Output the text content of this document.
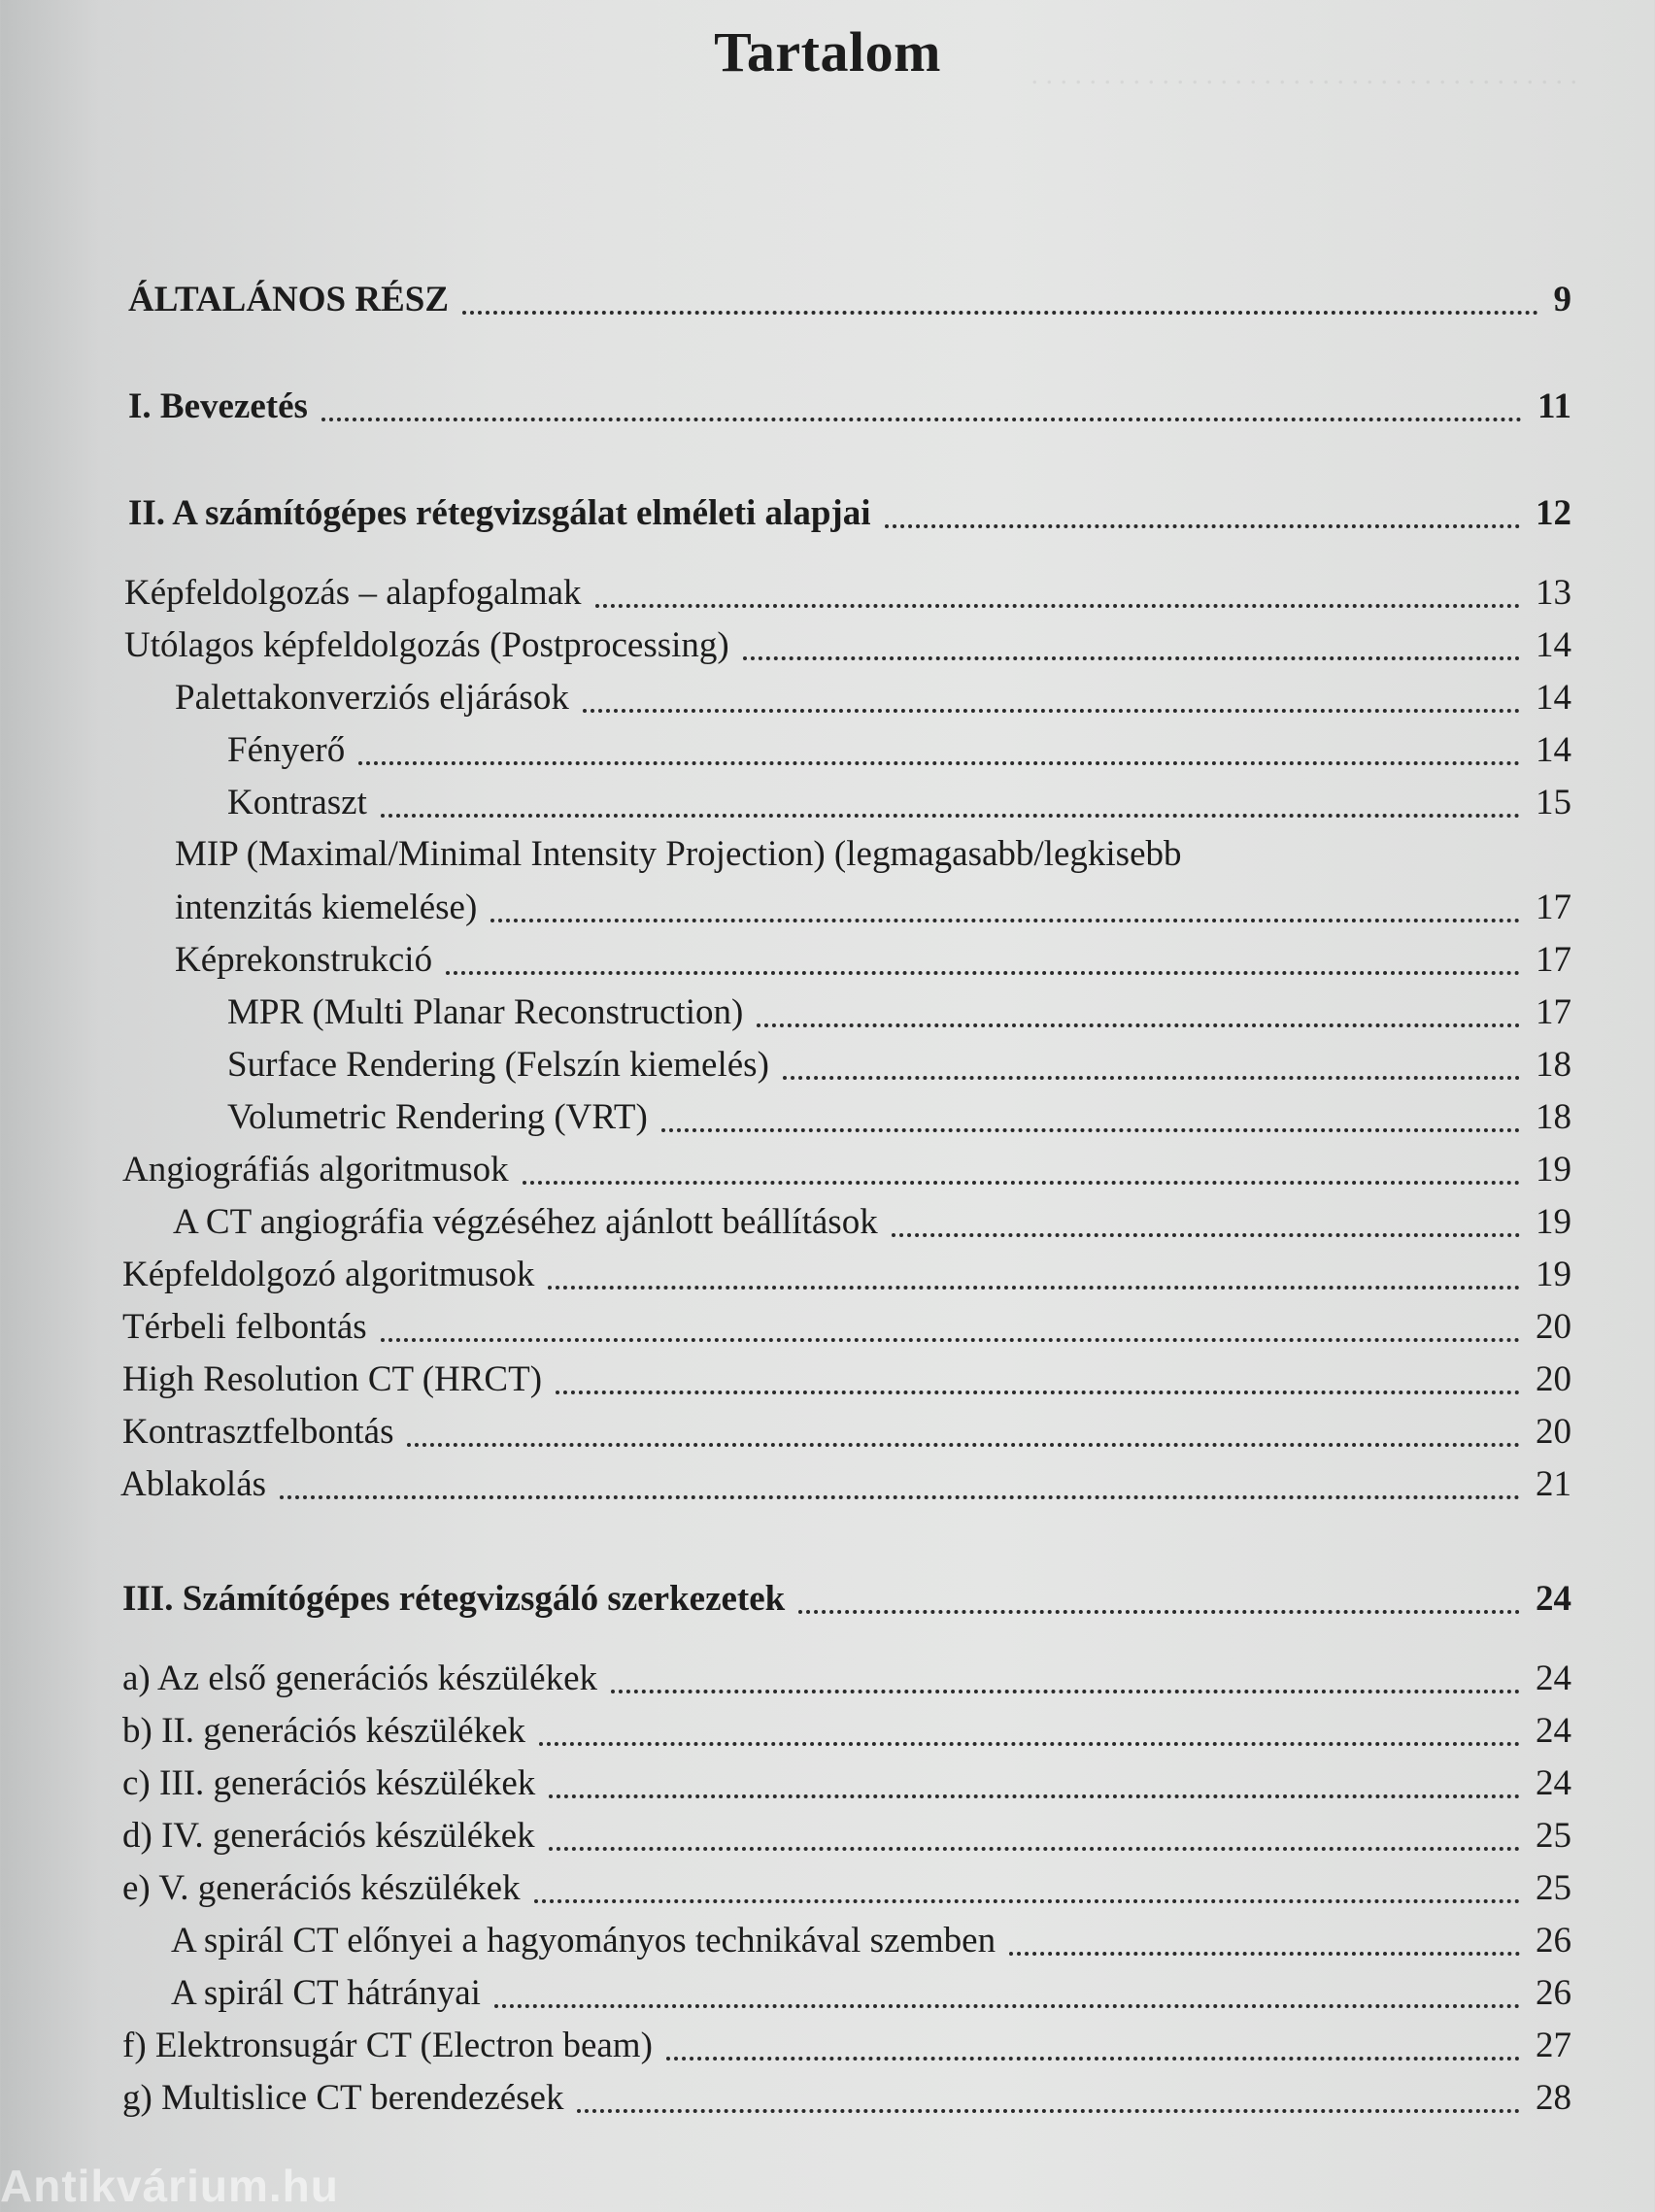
. . . . . . . . . . . . . . . . . . . . . . . . . . . . . . . . . . . . . .
Tartalom
ÁLTALÁNOS RÉSZ	9
I. Bevezetés	11
II. A számítógépes rétegvizsgálat elméleti alapjai	12
Képfeldolgozás – alapfogalmak	13
Utólagos képfeldolgozás (Postprocessing)	14
Palettakonverziós eljárások	14
Fényerő	14
Kontraszt	15
MIP (Maximal/Minimal Intensity Projection) (legmagasabb/legkisebb
intenzitás kiemelése)	17
Képrekonstrukció	17
MPR (Multi Planar Reconstruction)	17
Surface Rendering (Felszín kiemelés)	18
Volumetric Rendering (VRT)	18
Angiográfiás algoritmusok	19
A CT angiográfia végzéséhez ajánlott beállítások	19
Képfeldolgozó algoritmusok	19
Térbeli felbontás	20
High Resolution CT (HRCT)	20
Kontrasztfelbontás	20
Ablakolás	21
III. Számítógépes rétegvizsgáló szerkezetek	24
a) Az első generációs készülékek	24
b) II. generációs készülékek	24
c) III. generációs készülékek	24
d) IV. generációs készülékek	25
e) V. generációs készülékek	25
A spirál CT előnyei a hagyományos technikával szemben	26
A spirál CT hátrányai	26
f) Elektronsugár CT (Electron beam)	27
g) Multislice CT berendezések	28
Antikvárium.hu
